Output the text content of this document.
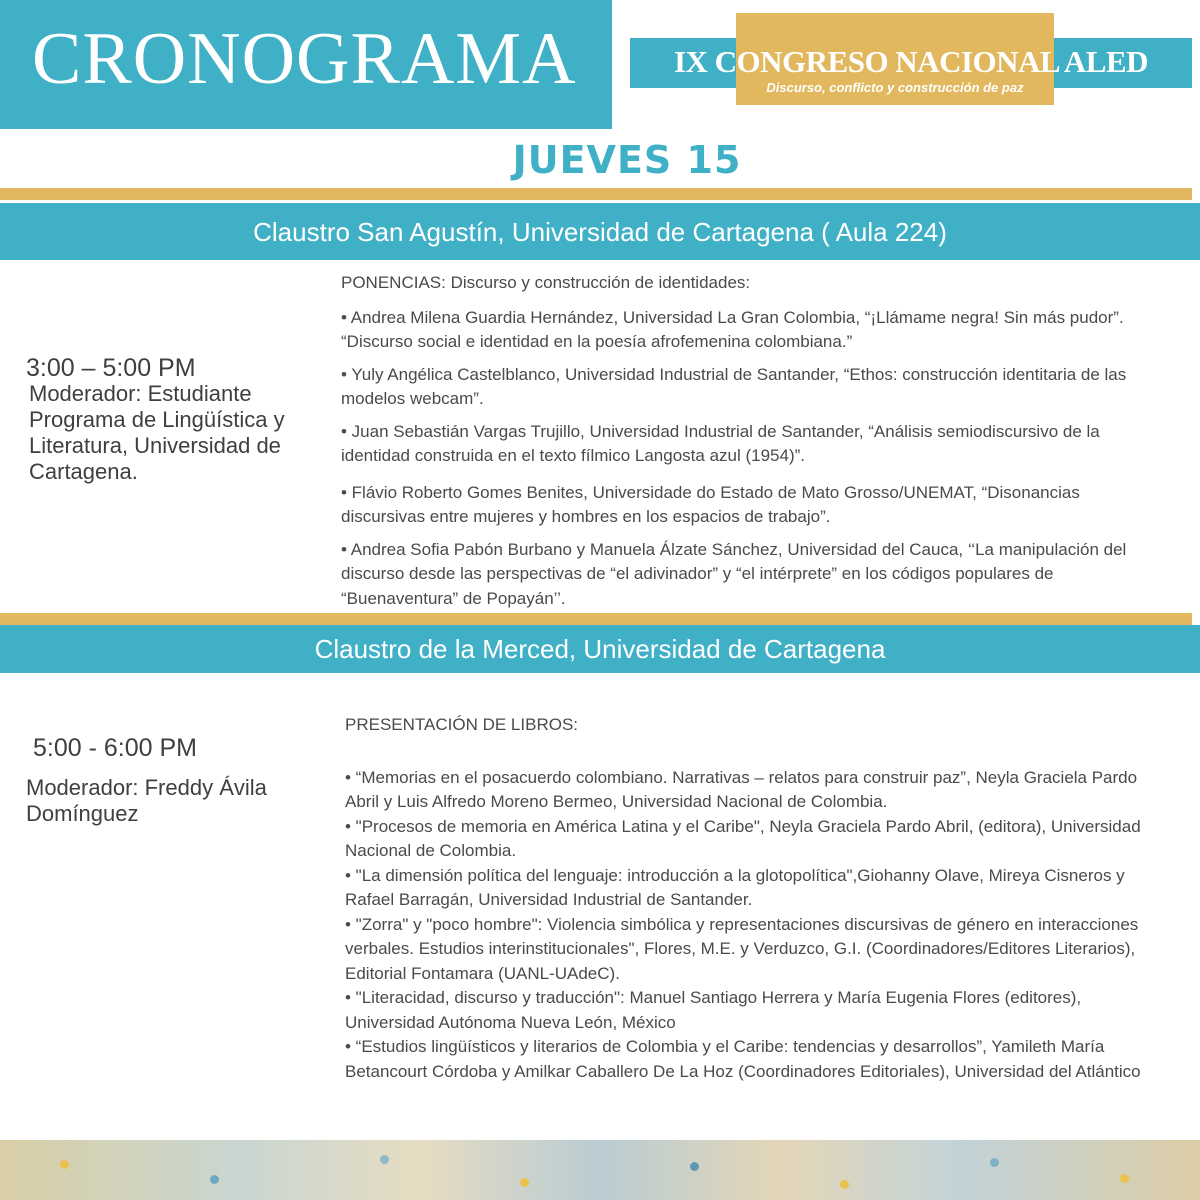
CRONOGRAMA	IX CONGRESO NACIONAL ALED
Discurso, conflicto y construcción de paz
JUEVES 15
Claustro San Agustín, Universidad de Cartagena ( Aula 224)
3:00 – 5:00 PM
Moderador: Estudiante Programa de Lingüística y Literatura, Universidad de Cartagena.

PONENCIAS: Discurso y construcción de identidades:

• Andrea Milena Guardia Hernández, Universidad La Gran Colombia, “¡Llámame negra! Sin más pudor”. “Discurso social e identidad en la poesía afrofemenina colombiana.”

• Yuly Angélica Castelblanco, Universidad Industrial de Santander, “Ethos: construcción identitaria de las modelos webcam”.

• Juan Sebastián Vargas Trujillo, Universidad Industrial de Santander, “Análisis semiodiscursivo de la identidad construida en el texto fílmico Langosta azul (1954)”.

• Flávio Roberto Gomes Benites, Universidade do Estado de Mato Grosso/UNEMAT, “Disonancias discursivas entre mujeres y hombres en los espacios de trabajo”.

• Andrea Sofia Pabón Burbano y Manuela Álzate Sánchez, Universidad del Cauca, ‘‘La manipulación del discurso desde las perspectivas de “el adivinador” y “el intérprete” en los códigos populares de “Buenaventura” de Popayán’’.

Claustro de la Merced, Universidad de Cartagena
5:00 - 6:00 PM
Moderador: Freddy Ávila Domínguez

PRESENTACIÓN DE LIBROS:

• “Memorias en el posacuerdo colombiano. Narrativas – relatos para construir paz”, Neyla Graciela Pardo Abril y Luis Alfredo Moreno Bermeo, Universidad Nacional de Colombia.

• "Procesos de memoria en América Latina y el Caribe", Neyla Graciela Pardo Abril, (editora), Universidad Nacional de Colombia.

• "La dimensión política del lenguaje: introducción a la glotopolítica",Giohanny Olave, Mireya Cisneros y Rafael Barragán, Universidad Industrial de Santander.

• "Zorra" y "poco hombre": Violencia simbólica y representaciones discursivas de género en interacciones verbales. Estudios interinstitucionales", Flores, M.E. y Verduzco, G.I. (Coordinadores/Editores Literarios), Editorial Fontamara (UANL-UAdeC).

• "Literacidad, discurso y traducción": Manuel Santiago Herrera y María Eugenia Flores (editores), Universidad Autónoma Nueva León, México

• “Estudios lingüísticos y literarios de Colombia y el Caribe: tendencias y desarrollos”, Yamileth María Betancourt Córdoba y Amilkar Caballero De La Hoz (Coordinadores Editoriales), Universidad del Atlántico
